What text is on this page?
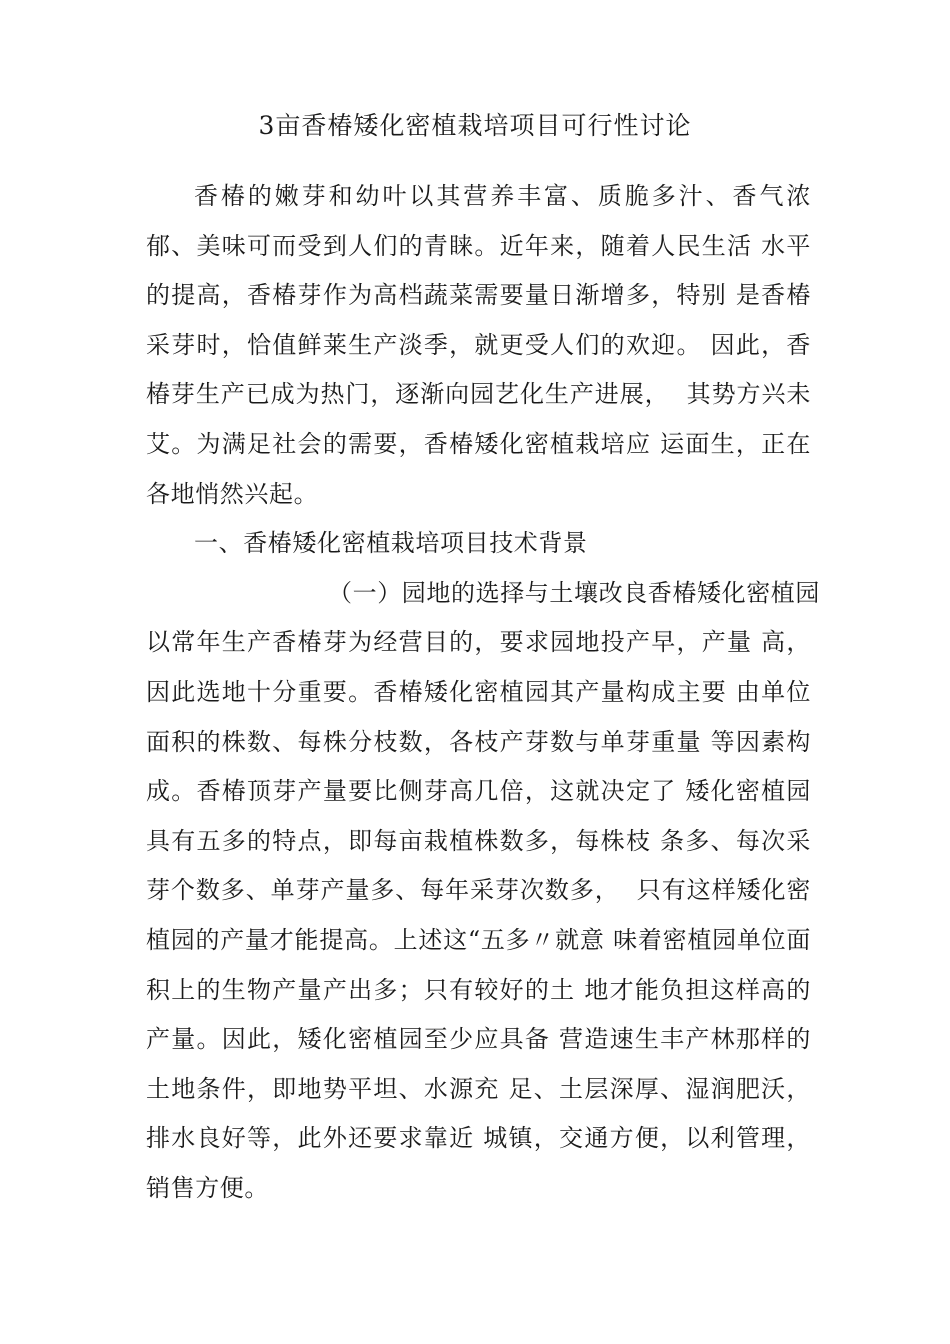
3亩香椿矮化密植栽培项目可行性讨论
香椿的嫩芽和幼叶以其营养丰富、质脆多汁、香气浓
郁、美味可而受到人们的青睐。近年来，随着人民生活 水平
的提高，香椿芽作为高档蔬菜需要量日渐增多，特别 是香椿
采芽时，恰值鲜莱生产淡季，就更受人们的欢迎。 因此，香
椿芽生产已成为热门，逐渐向园艺化生产进展，  其势方兴未
艾。为满足社会的需要，香椿矮化密植栽培应 运面生，正在
各地悄然兴起。
一、香椿矮化密植栽培项目技术背景
（一）园地的选择与土壤改良香椿矮化密植园
以常年生产香椿芽为经营目的，要求园地投产早，产量 高，
因此选地十分重要。香椿矮化密植园其产量构成主要 由单位
面积的株数、每株分枝数，各枝产芽数与单芽重量 等因素构
成。香椿顶芽产量要比侧芽高几倍，这就决定了 矮化密植园
具有五多的特点，即每亩栽植株数多，每株枝 条多、每次采
芽个数多、单芽产量多、每年采芽次数多，  只有这样矮化密
植园的产量才能提高。上述这“五多〃就意 味着密植园单位面
积上的生物产量产出多；只有较好的土 地才能负担这样高的
产量。因此，矮化密植园至少应具备 营造速生丰产林那样的
土地条件，即地势平坦、水源充 足、土层深厚、湿润肥沃，
排水良好等，此外还要求靠近 城镇，交通方便，以利管理，
销售方便。
